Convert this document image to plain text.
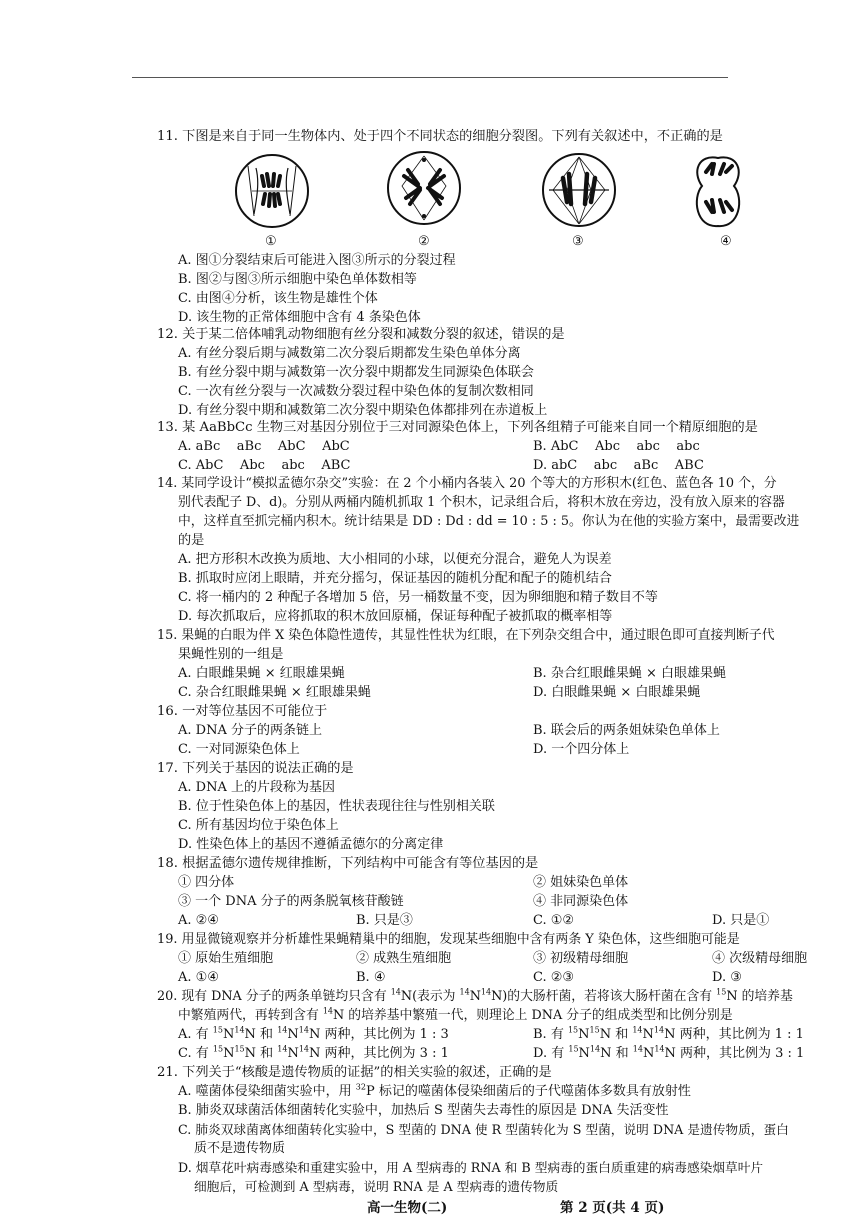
11. 下图是来自于同一生物体内、处于四个不同状态的细胞分裂图。下列有关叙述中，不正确的是
①	②	③	④
A. 图①分裂结束后可能进入图③所示的分裂过程
B. 图②与图③所示细胞中染色单体数相等
C. 由图④分析，该生物是雄性个体
D. 该生物的正常体细胞中含有 4 条染色体
12. 关于某二倍体哺乳动物细胞有丝分裂和减数分裂的叙述，错误的是
A. 有丝分裂后期与减数第二次分裂后期都发生染色单体分离
B. 有丝分裂中期与减数第一次分裂中期都发生同源染色体联会
C. 一次有丝分裂与一次减数分裂过程中染色体的复制次数相同
D. 有丝分裂中期和减数第二次分裂中期染色体都排列在赤道板上
13. 某 AaBbCc 生物三对基因分别位于三对同源染色体上，下列各组精子可能来自同一个精原细胞的是
A. aBc    aBc    AbC    AbC	B. AbC    Abc    abc    abc
C. AbC    Abc    abc    ABC	D. abC    abc    aBc    ABC
14. 某同学设计“模拟孟德尔杂交”实验：在 2 个小桶内各装入 20 个等大的方形积木(红色、蓝色各 10 个，分
别代表配子 D、d)。分别从两桶内随机抓取 1 个积木，记录组合后，将积木放在旁边，没有放入原来的容器
中，这样直至抓完桶内积木。统计结果是 DD : Dd : dd = 10 : 5 : 5。你认为在他的实验方案中，最需要改进
的是
A. 把方形积木改换为质地、大小相同的小球，以便充分混合，避免人为误差
B. 抓取时应闭上眼睛，并充分摇匀，保证基因的随机分配和配子的随机结合
C. 将一桶内的 2 种配子各增加 5 倍，另一桶数量不变，因为卵细胞和精子数目不等
D. 每次抓取后，应将抓取的积木放回原桶，保证每种配子被抓取的概率相等
15. 果蝇的白眼为伴 X 染色体隐性遗传，其显性性状为红眼，在下列杂交组合中，通过眼色即可直接判断子代
果蝇性别的一组是
A. 白眼雌果蝇 × 红眼雄果蝇	B. 杂合红眼雌果蝇 × 白眼雄果蝇
C. 杂合红眼雌果蝇 × 红眼雄果蝇	D. 白眼雌果蝇 × 白眼雄果蝇
16. 一对等位基因不可能位于
A. DNA 分子的两条链上	B. 联会后的两条姐妹染色单体上
C. 一对同源染色体上	D. 一个四分体上
17. 下列关于基因的说法正确的是
A. DNA 上的片段称为基因
B. 位于性染色体上的基因，性状表现往往与性别相关联
C. 所有基因均位于染色体上
D. 性染色体上的基因不遵循孟德尔的分离定律
18. 根据孟德尔遗传规律推断，下列结构中可能含有等位基因的是
① 四分体	② 姐妹染色单体
③ 一个 DNA 分子的两条脱氧核苷酸链	④ 非同源染色体
A. ②④	B. 只是③	C. ①②	D. 只是①
19. 用显微镜观察并分析雄性果蝇精巢中的细胞，发现某些细胞中含有两条 Y 染色体，这些细胞可能是
① 原始生殖细胞	② 成熟生殖细胞	③ 初级精母细胞	④ 次级精母细胞
A. ①④	B. ④	C. ②③	D. ③
20. 现有 DNA 分子的两条单链均只含有 $^{14}$N(表示为 $^{14}N^{14}N$)的大肠杆菌，若将该大肠杆菌在含有 $^{15}$N 的培养基
中繁殖两代，再转到含有 $^{14}$N 的培养基中繁殖一代，则理论上 DNA 分子的组成类型和比例分别是
A. 有 $^{15}N^{14}N$ 和 $^{14}N^{14}N$ 两种，其比例为 1 : 3	B. 有 $^{15}N^{15}N$ 和 $^{14}N^{14}N$ 两种，其比例为 1 : 1
C. 有 $^{15}N^{15}N$ 和 $^{14}N^{14}N$ 两种，其比例为 3 : 1	D. 有 $^{15}N^{14}N$ 和 $^{14}N^{14}N$ 两种，其比例为 3 : 1
21. 下列关于“核酸是遗传物质的证据”的相关实验的叙述，正确的是
A. 噬菌体侵染细菌实验中，用 $^{32}$P 标记的噬菌体侵染细菌后的子代噬菌体多数具有放射性
B. 肺炎双球菌活体细菌转化实验中，加热后 S 型菌失去毒性的原因是 DNA 失活变性
C. 肺炎双球菌离体细菌转化实验中，S 型菌的 DNA 使 R 型菌转化为 S 型菌，说明 DNA 是遗传物质，蛋白
质不是遗传物质
D. 烟草花叶病毒感染和重建实验中，用 A 型病毒的 RNA 和 B 型病毒的蛋白质重建的病毒感染烟草叶片
细胞后，可检测到 A 型病毒，说明 RNA 是 A 型病毒的遗传物质
高一生物(二)	第 2 页(共 4 页)
